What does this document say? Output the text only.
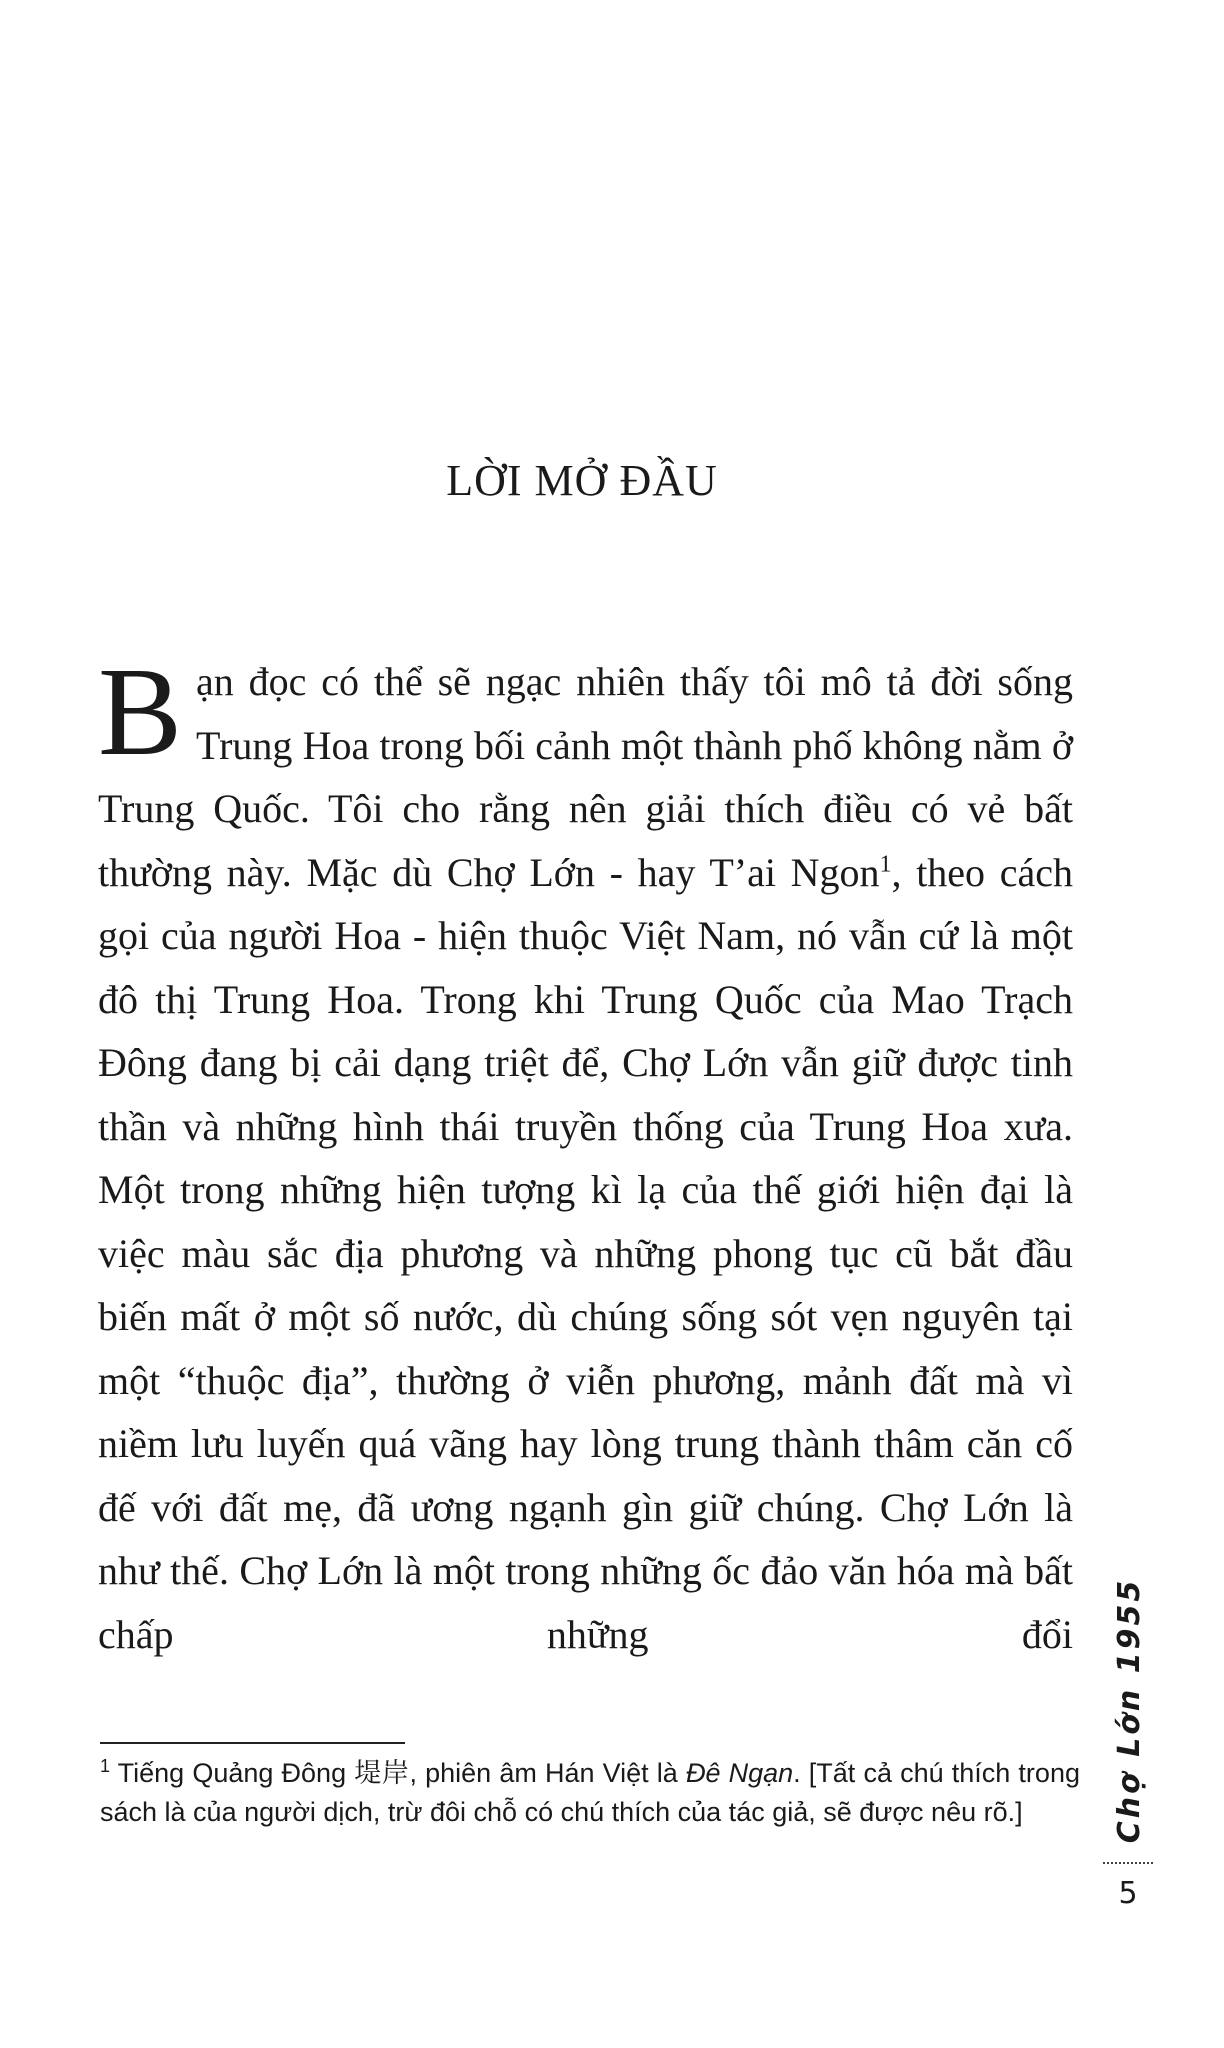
LỜI MỞ ĐẦU

Bạn đọc có thể sẽ ngạc nhiên thấy tôi mô tả đời sống Trung Hoa trong bối cảnh một thành phố không nằm ở Trung Quốc. Tôi cho rằng nên giải thích điều có vẻ bất thường này. Mặc dù Chợ Lớn - hay T’ai Ngon$^1$, theo cách gọi của người Hoa - hiện thuộc Việt Nam, nó vẫn cứ là một đô thị Trung Hoa. Trong khi Trung Quốc của Mao Trạch Đông đang bị cải dạng triệt để, Chợ Lớn vẫn giữ được tinh thần và những hình thái truyền thống của Trung Hoa xưa. Một trong những hiện tượng kì lạ của thế giới hiện đại là việc màu sắc địa phương và những phong tục cũ bắt đầu biến mất ở một số nước, dù chúng sống sót vẹn nguyên tại một “thuộc địa”, thường ở viễn phương, mảnh đất mà vì niềm lưu luyến quá vãng hay lòng trung thành thâm căn cố đế với đất mẹ, đã ương ngạnh gìn giữ chúng. Chợ Lớn là như thế. Chợ Lớn là một trong những ốc đảo văn hóa mà bất chấp những đổi

$^1$ Tiếng Quảng Đông 堤岸, phiên âm Hán Việt là Đê Ngạn. [Tất cả chú thích trong sách là của người dịch, trừ đôi chỗ có chú thích của tác giả, sẽ được nêu rõ.]	Chợ Lớn 1955
5
